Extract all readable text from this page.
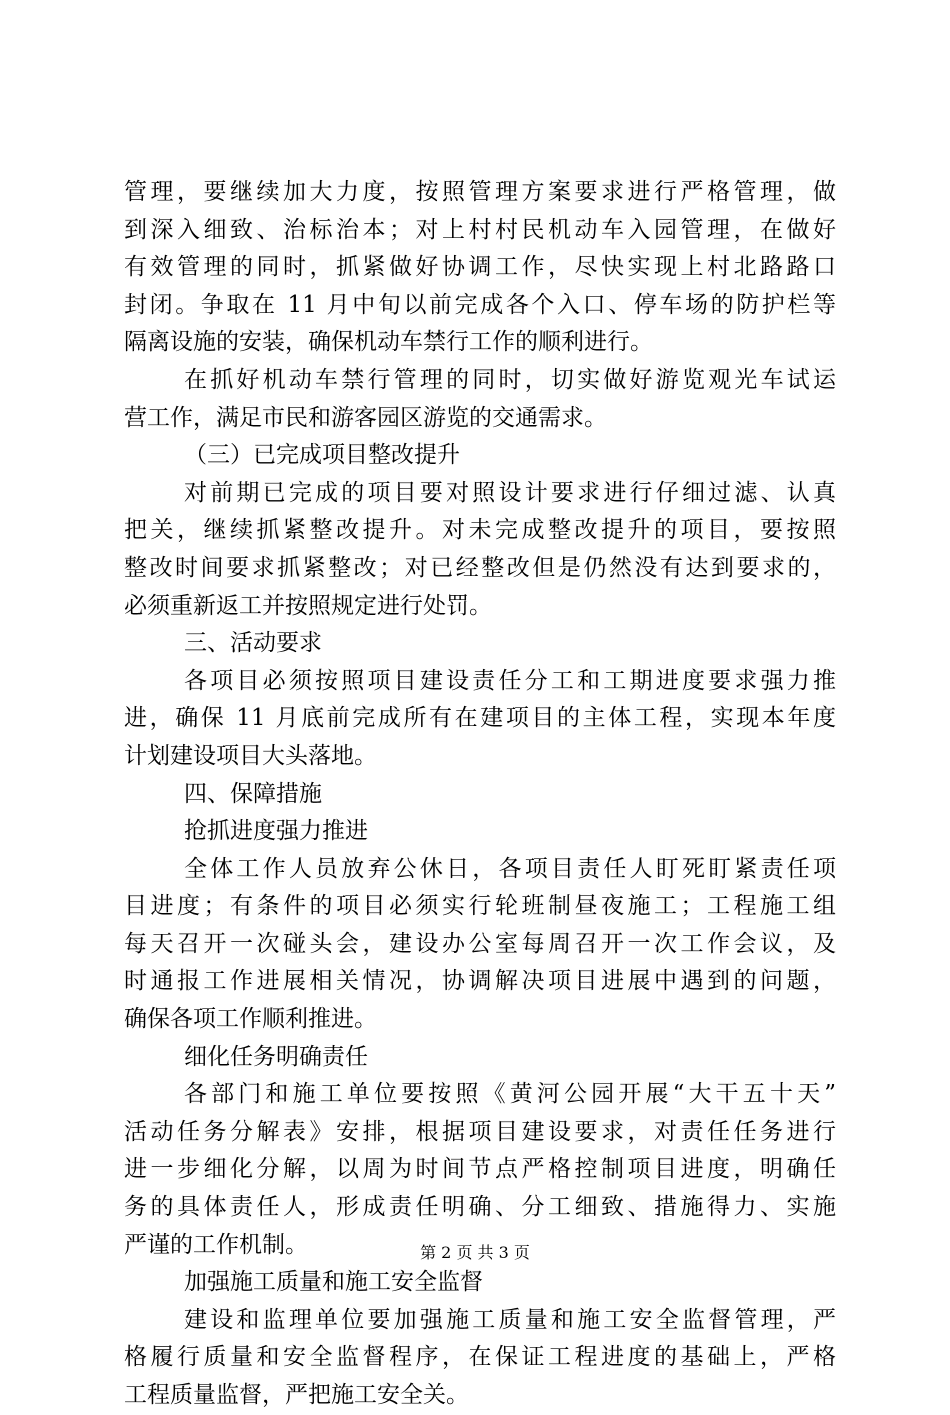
管理，要继续加大力度，按照管理方案要求进行严格管理，做
到深入细致、治标治本；对上村村民机动车入园管理，在做好
有效管理的同时，抓紧做好协调工作，尽快实现上村北路路口
封闭。争取在 11 月中旬以前完成各个入口、停车场的防护栏等
隔离设施的安装，确保机动车禁行工作的顺利进行。
在抓好机动车禁行管理的同时，切实做好游览观光车试运
营工作，满足市民和游客园区游览的交通需求。
（三）已完成项目整改提升
对前期已完成的项目要对照设计要求进行仔细过滤、认真
把关，继续抓紧整改提升。对未完成整改提升的项目，要按照
整改时间要求抓紧整改；对已经整改但是仍然没有达到要求的，
必须重新返工并按照规定进行处罚。
三、活动要求
各项目必须按照项目建设责任分工和工期进度要求强力推
进，确保 11 月底前完成所有在建项目的主体工程，实现本年度
计划建设项目大头落地。
四、保障措施
抢抓进度强力推进
全体工作人员放弃公休日，各项目责任人盯死盯紧责任项
目进度；有条件的项目必须实行轮班制昼夜施工；工程施工组
每天召开一次碰头会，建设办公室每周召开一次工作会议，及
时通报工作进展相关情况，协调解决项目进展中遇到的问题，
确保各项工作顺利推进。
细化任务明确责任
各部门和施工单位要按照《黄河公园开展“大干五十天”
活动任务分解表》安排，根据项目建设要求，对责任任务进行
进一步细化分解，以周为时间节点严格控制项目进度，明确任
务的具体责任人，形成责任明确、分工细致、措施得力、实施
严谨的工作机制。
加强施工质量和施工安全监督
建设和监理单位要加强施工质量和施工安全监督管理，严
格履行质量和安全监督程序，在保证工程进度的基础上，严格
工程质量监督，严把施工安全关。
第 2 页 共 3 页
